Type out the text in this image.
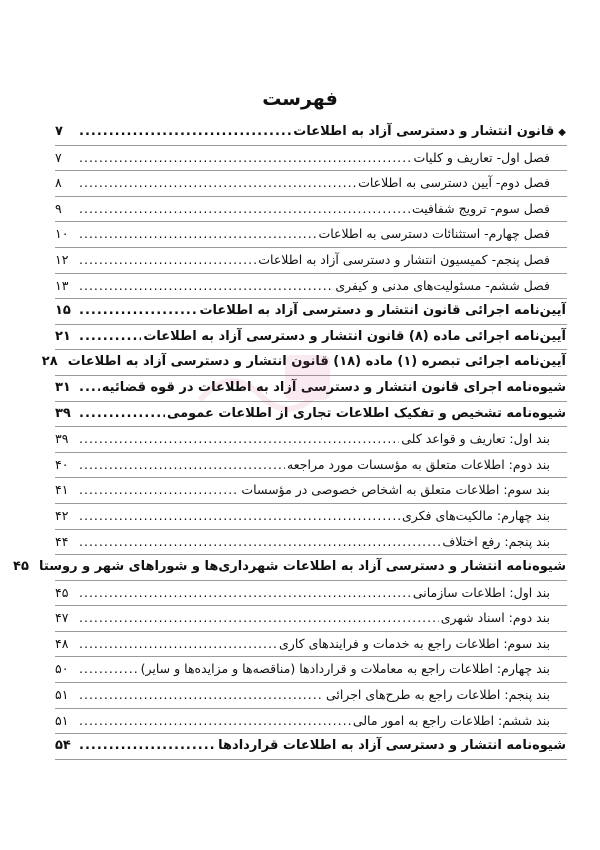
فهرست
◆قانون انتشار و دسترسی آزاد به اطلاعات
.....
۷
فصل اول- تعاریف و کلیات
.....
۷
فصل دوم- آیین دسترسی به اطلاعات
.....
۸
فصل سوم- ترویج شفافیت
.....
۹
فصل چهارم- استثنائات دسترسی به اطلاعات
.....
۱۰
فصل پنجم- کمیسیون انتشار و دسترسی آزاد به اطلاعات
.....
۱۲
فصل ششم- مسئولیت‌های مدنی و کیفری
.....
۱۳
آیین‌نامه اجرائی قانون انتشار و دسترسی آزاد به اطلاعات
.....
۱۵
آیین‌نامه اجرائی ماده (۸) قانون انتشار و دسترسی آزاد به اطلاعات
.....
۲۱
آیین‌نامه اجرائی تبصره (۱) ماده (۱۸) قانون انتشار و دسترسی آزاد به اطلاعات
۲۸
شیوه‌نامه اجرای قانون انتشار و دسترسی آزاد به اطلاعات در قوه قضائیه
.....
۳۱
شیوه‌نامه تشخیص و تفکیک اطلاعات تجاری از اطلاعات عمومی
.....
۳۹
بند اول: تعاریف و قواعد کلی
.....
۳۹
بند دوم: اطلاعات متعلق به مؤسسات مورد مراجعه
.....
۴۰
بند سوم: اطلاعات متعلق به اشخاص خصوصی در مؤسسات
.....
۴۱
بند چهارم: مالکیت‌های فکری
.....
۴۲
بند پنجم: رفع اختلاف
.....
۴۴
شیوه‌نامه انتشار و دسترسی آزاد به اطلاعات شهرداری‌ها و شوراهای شهر و روستا
۴۵
بند اول: اطلاعات سازمانی
.....
۴۵
بند دوم: اسناد شهری
.....
۴۷
بند سوم: اطلاعات راجع به خدمات و فرایندهای کاری
.....
۴۸
بند چهارم: اطلاعات راجع به معاملات و قراردادها (مناقصه‌ها و مزایده‌ها و سایر)
.....
۵۰
بند پنجم: اطلاعات راجع به طرح‌های اجرائی
.....
۵۱
بند ششم: اطلاعات راجع به امور مالی
.....
۵۱
شیوه‌نامه انتشار و دسترسی آزاد به اطلاعات قراردادها
.....
۵۴
